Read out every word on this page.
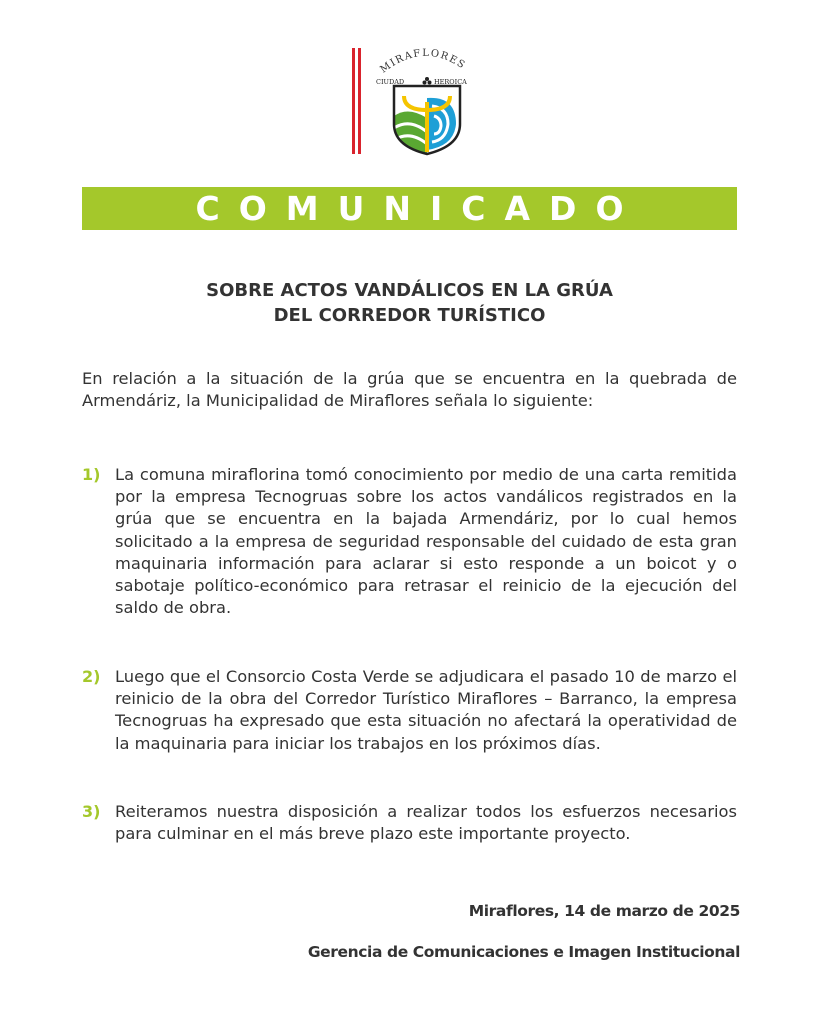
MIRAFLORES
CIUDAD	HEROICA
COMUNICADO
SOBRE ACTOS VANDÁLICOS EN LA GRÚA
DEL CORREDOR TURÍSTICO
En relación a la situación de la grúa que se encuentra en la quebrada de Armendáriz, la Municipalidad de Miraflores señala lo siguiente:
1) La comuna miraflorina tomó conocimiento por medio de una carta remitida por la empresa Tecnogruas sobre los actos vandálicos registrados en la grúa que se encuentra en la bajada Armendáriz, por lo cual hemos solicitado a la empresa de seguridad responsable del cuidado de esta gran maquinaria información para aclarar si esto responde a un boicot y o sabotaje político-económico para retrasar el reinicio de la ejecución del saldo de obra.
2) Luego que el Consorcio Costa Verde se adjudicara el pasado 10 de marzo el reinicio de la obra del Corredor Turístico Miraflores – Barranco, la empresa Tecnogruas ha expresado que esta situación no afectará la operatividad de la maquinaria para iniciar los trabajos en los próximos días.
3) Reiteramos nuestra disposición a realizar todos los esfuerzos necesarios para culminar en el más breve plazo este importante proyecto.
Miraflores, 14 de marzo de 2025
Gerencia de Comunicaciones e Imagen Institucional
